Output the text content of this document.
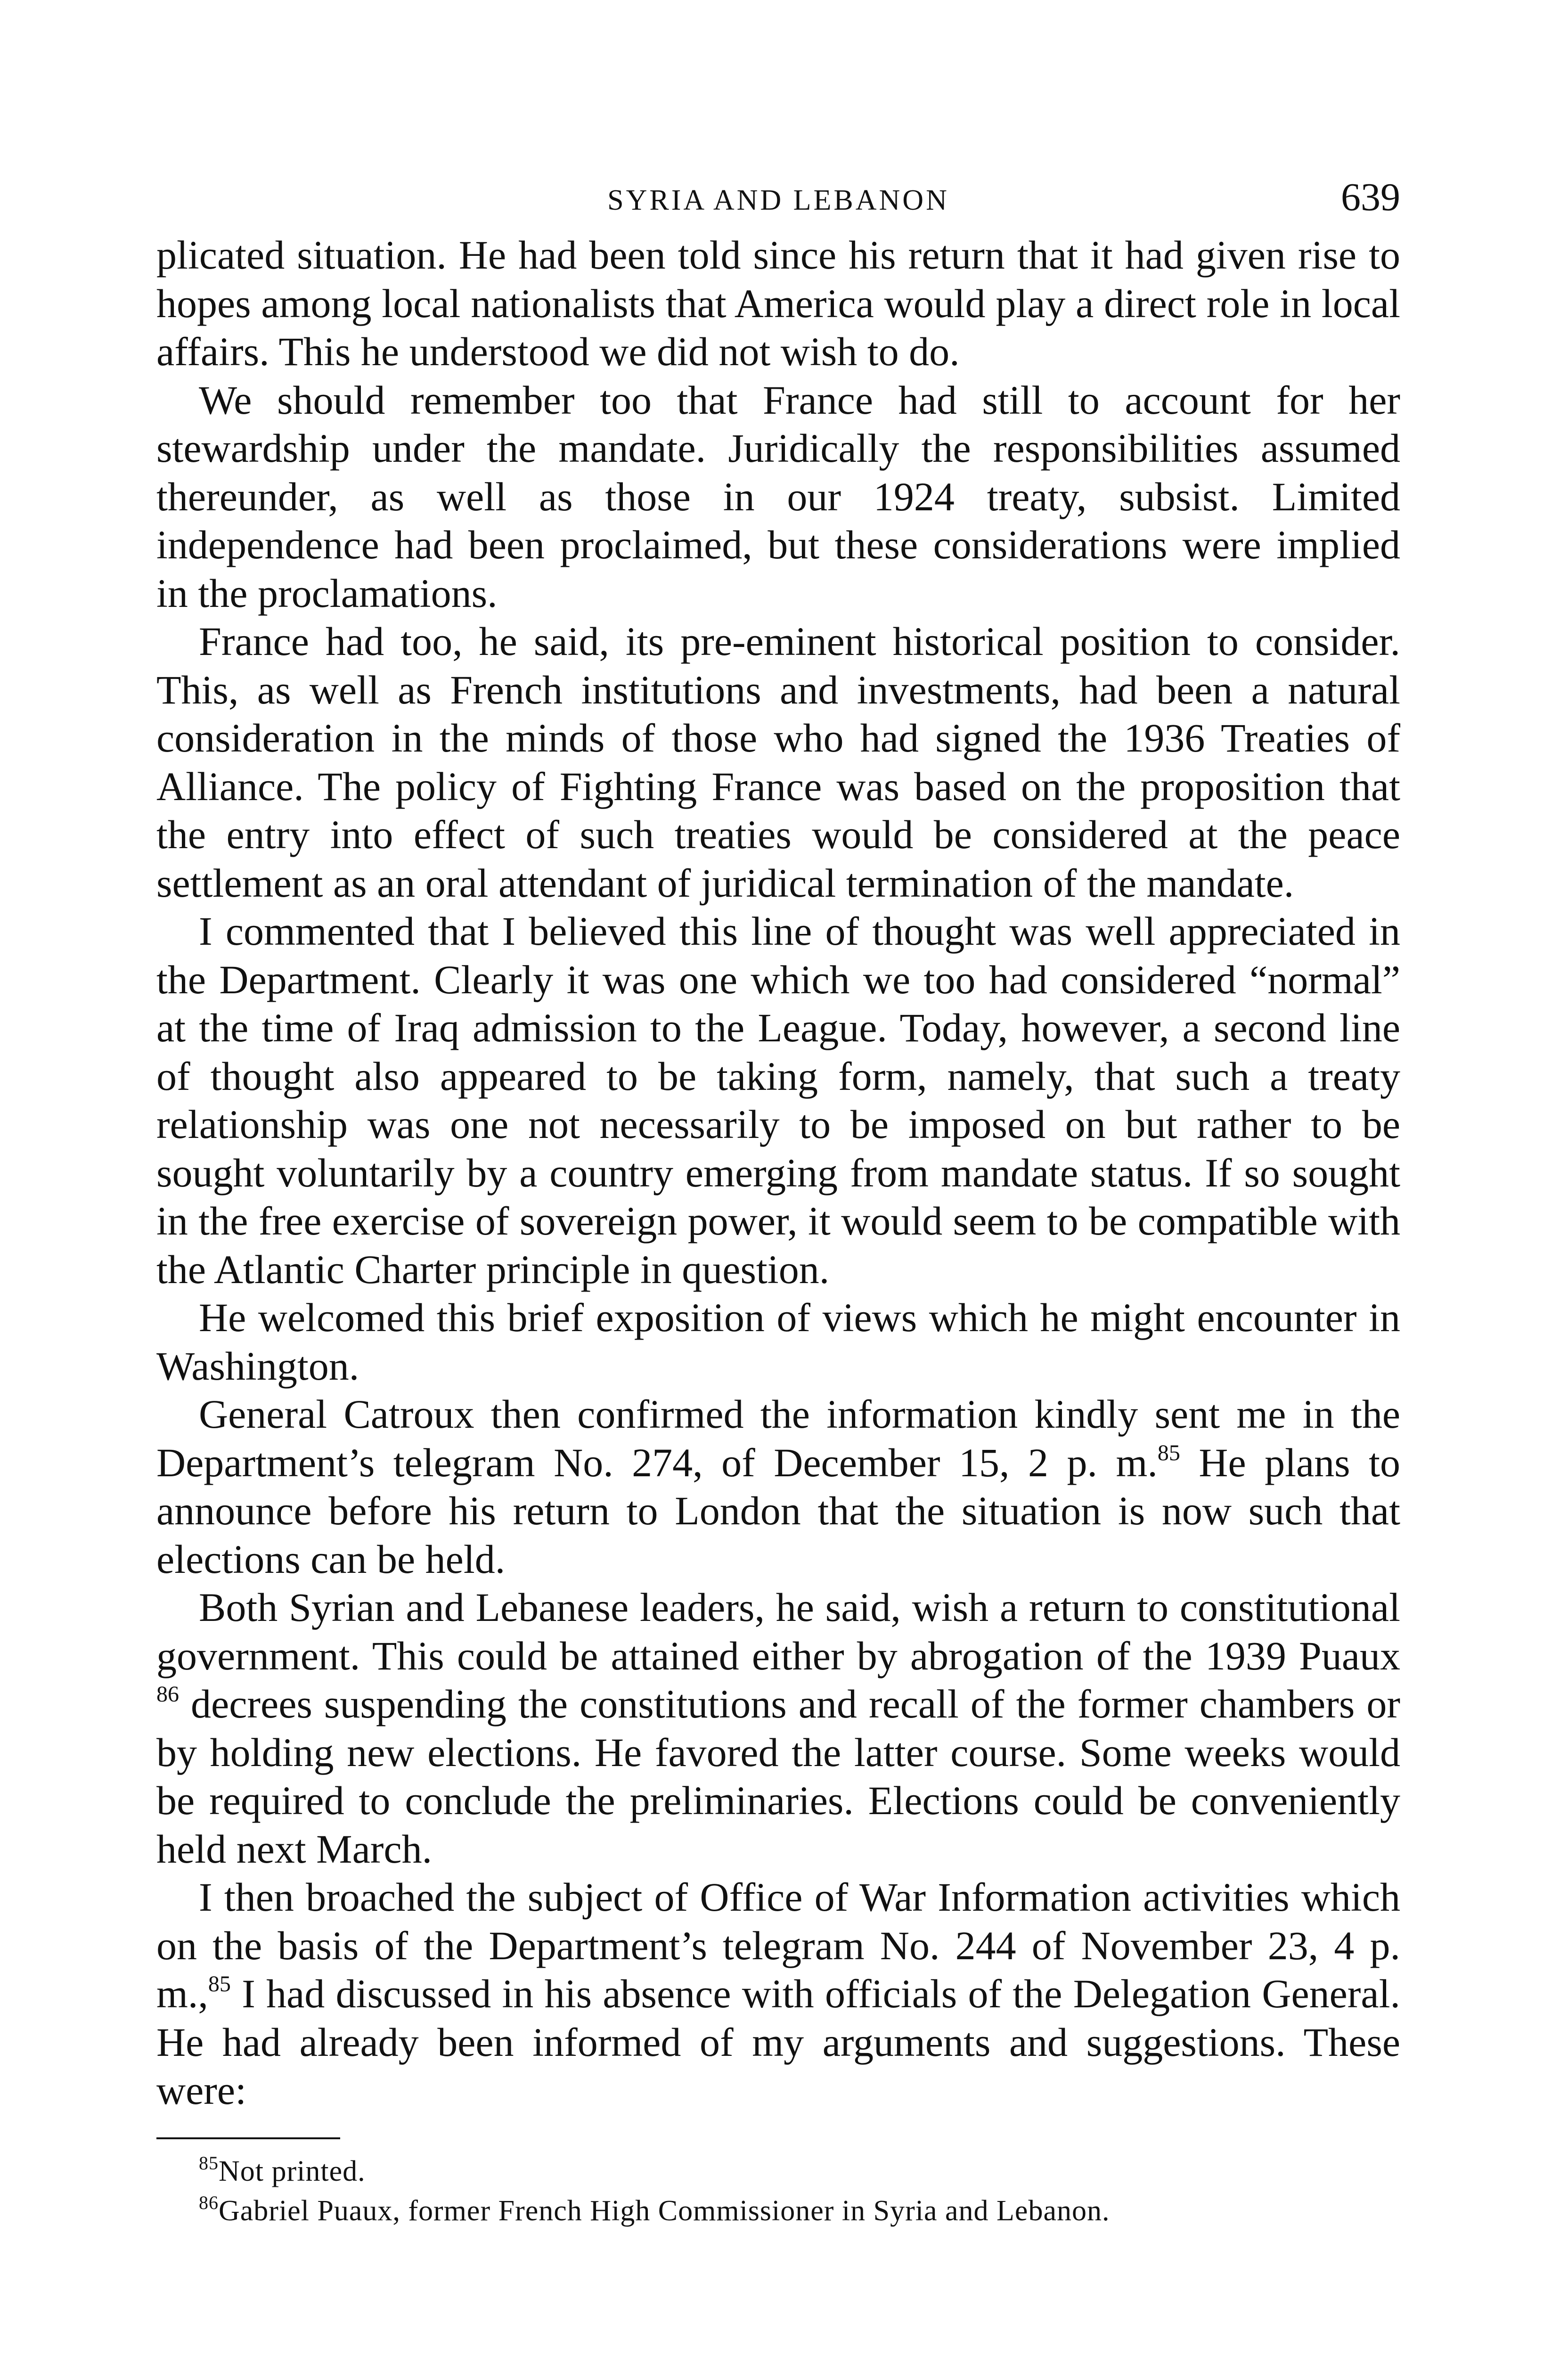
SYRIA AND LEBANON	639

plicated situation. He had been told since his return that it had given rise to hopes among local nationalists that America would play a direct role in local affairs. This he understood we did not wish to do.

We should remember too that France had still to account for her stewardship under the mandate. Juridically the responsibilities assumed thereunder, as well as those in our 1924 treaty, subsist. Limited independence had been proclaimed, but these considerations were implied in the proclamations.

France had too, he said, its pre-eminent historical position to consider. This, as well as French institutions and investments, had been a natural consideration in the minds of those who had signed the 1936 Treaties of Alliance. The policy of Fighting France was based on the proposition that the entry into effect of such treaties would be considered at the peace settlement as an oral attendant of juridical termination of the mandate.

I commented that I believed this line of thought was well appreciated in the Department. Clearly it was one which we too had considered “normal” at the time of Iraq admission to the League. Today, however, a second line of thought also appeared to be taking form, namely, that such a treaty relationship was one not necessarily to be imposed on but rather to be sought voluntarily by a country emerging from mandate status. If so sought in the free exercise of sovereign power, it would seem to be compatible with the Atlantic Charter principle in question.

He welcomed this brief exposition of views which he might encounter in Washington.

General Catroux then confirmed the information kindly sent me in the Department’s telegram No. 274, of December 15, 2 p. m.$^{85}$ He plans to announce before his return to London that the situation is now such that elections can be held.

Both Syrian and Lebanese leaders, he said, wish a return to constitutional government. This could be attained either by abrogation of the 1939 Puaux $^{86}$ decrees suspending the constitutions and recall of the former chambers or by holding new elections. He favored the latter course. Some weeks would be required to conclude the preliminaries. Elections could be conveniently held next March.

I then broached the subject of Office of War Information activities which on the basis of the Department’s telegram No. 244 of November 23, 4 p. m.,$^{85}$ I had discussed in his absence with officials of the Delegation General. He had already been informed of my arguments and suggestions. These were:

$^{85}$Not printed.
$^{86}$Gabriel Puaux, former French High Commissioner in Syria and Lebanon.
